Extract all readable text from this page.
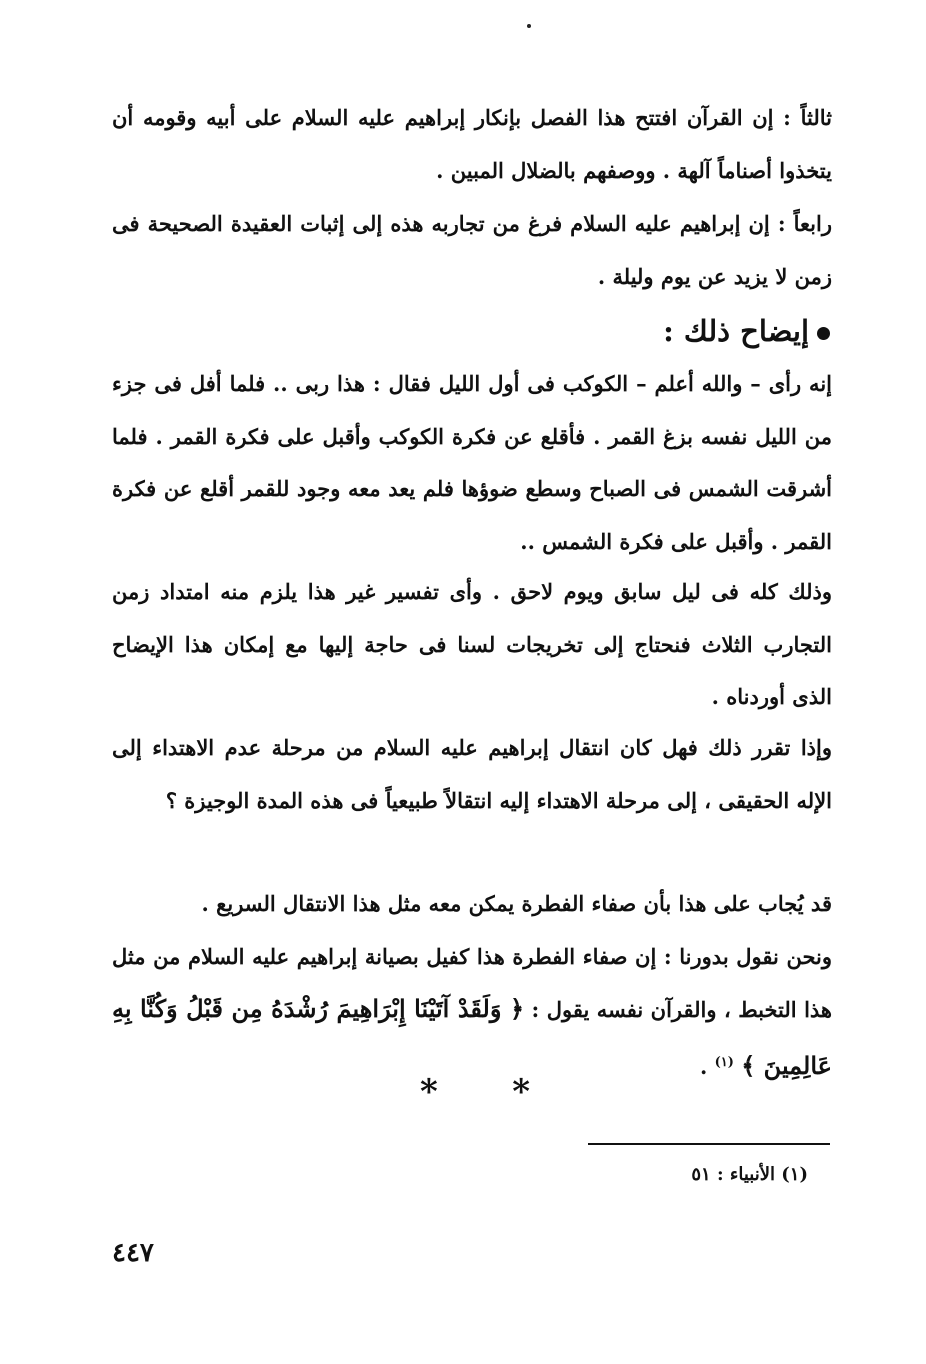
ثالثاً : إن القرآن افتتح هذا الفصل بإنكار إبراهيم عليه السلام على أبيه وقومه أن يتخذوا أصناماً آلهة . ووصفهم بالضلال المبين .

رابعاً : إن إبراهيم عليه السلام فرغ من تجاربه هذه إلى إثبات العقيدة الصحيحة فى زمن لا يزيد عن يوم وليلة .

إيضاح ذلك :

إنه رأى – والله أعلم – الكوكب فى أول الليل فقال : هذا ربى .. فلما أفل فى جزء من الليل نفسه بزغ القمر . فأقلع عن فكرة الكوكب وأقبل على فكرة القمر . فلما أشرقت الشمس فى الصباح وسطع ضوؤها فلم يعد معه وجود للقمر أقلع عن فكرة القمر . وأقبل على فكرة الشمس ..

وذلك كله فى ليل سابق ويوم لاحق . وأى تفسير غير هذا يلزم منه امتداد زمن التجارب الثلاث فنحتاج إلى تخريجات لسنا فى حاجة إليها مع إمكان هذا الإيضاح الذى أوردناه .

وإذا تقرر ذلك فهل كان انتقال إبراهيم عليه السلام من مرحلة عدم الاهتداء إلى الإله الحقيقى ، إلى مرحلة الاهتداء إليه انتقالاً طبيعياً فى هذه المدة الوجيزة ؟

قد يُجاب على هذا بأن صفاء الفطرة يمكن معه مثل هذا الانتقال السريع .
ونحن نقول بدورنا : إن صفاء الفطرة هذا كفيل بصيانة إبراهيم عليه السلام من مثل هذا التخبط ، والقرآن نفسه يقول : ﴿ وَلَقَدْ آتَيْنَا إِبْرَاهِيمَ رُشْدَهُ مِن قَبْلُ وَكُنَّا بِهِ عَالِمِينَ ﴾ $^{(١)}$ .

* *
(١) الأنبياء : ٥١
٤٤٧
